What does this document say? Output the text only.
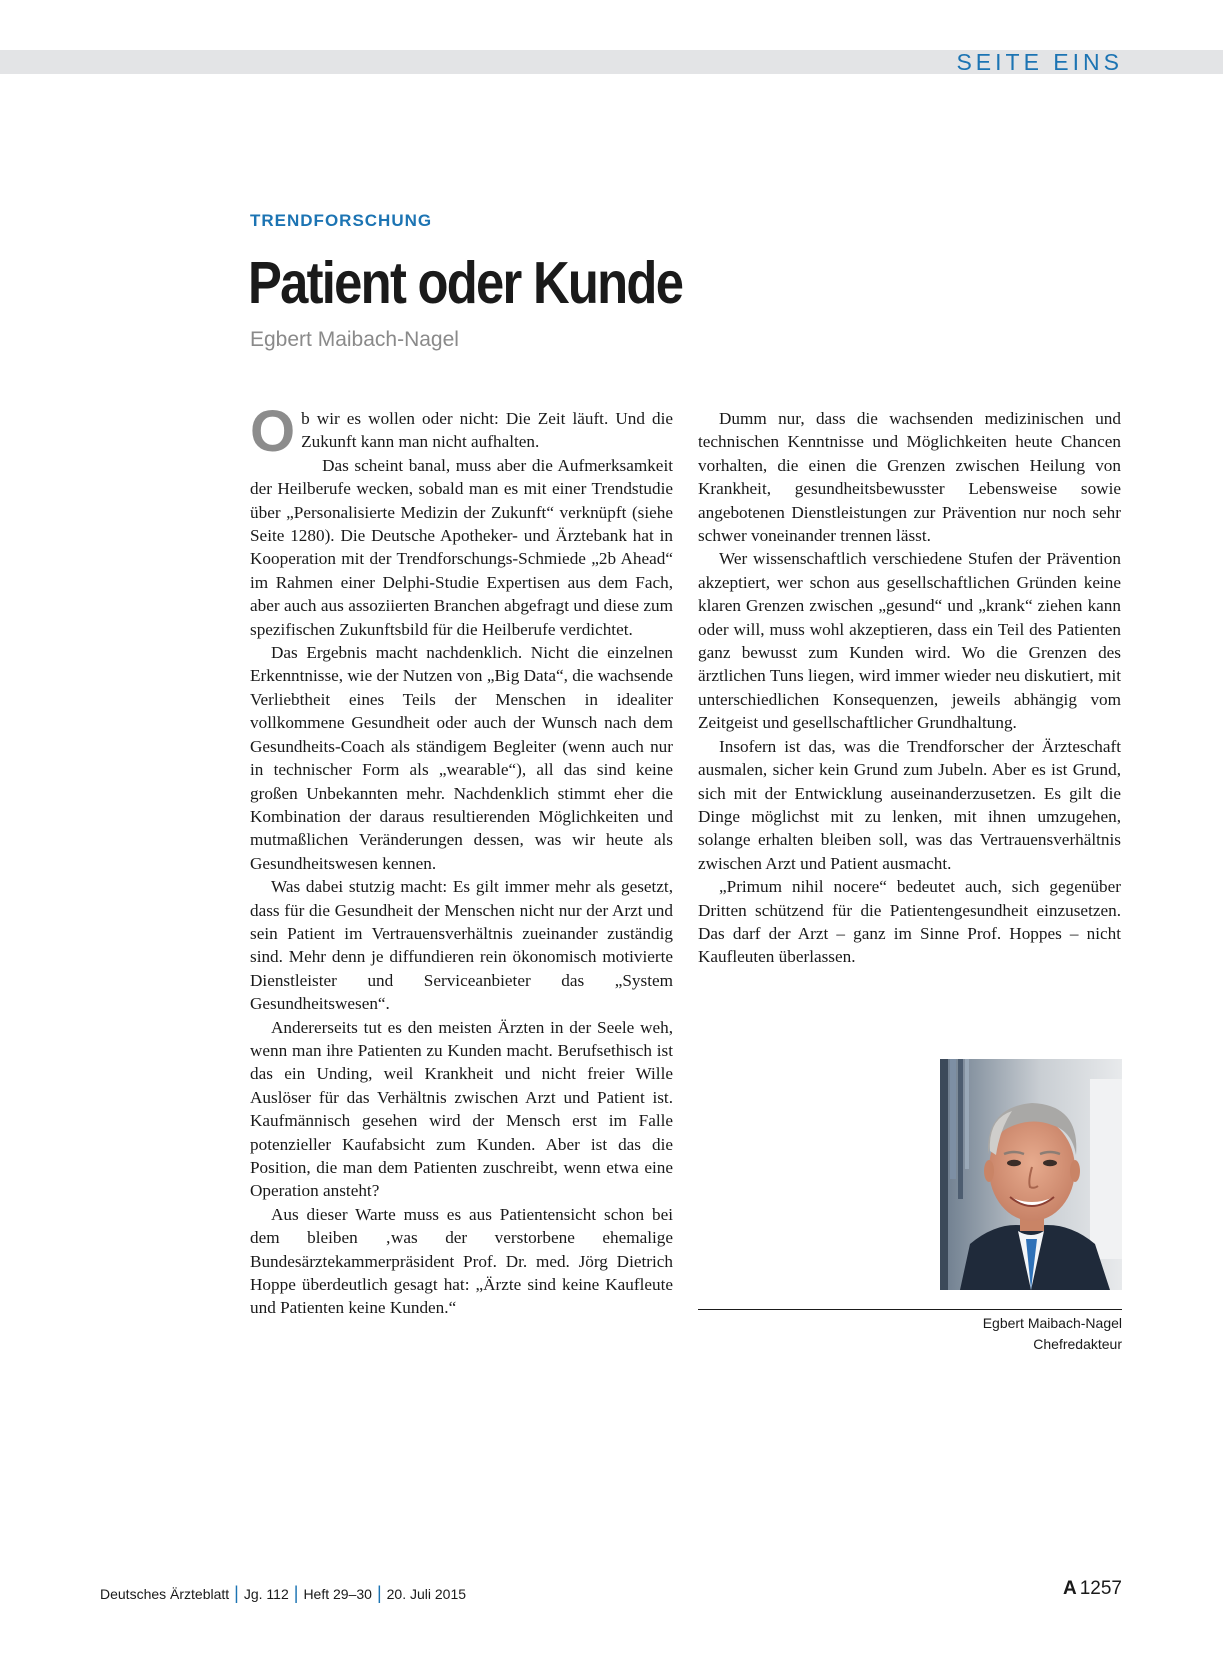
SEITE EINS
TRENDFORSCHUNG
Patient oder Kunde
Egbert Maibach-Nagel

Ob wir es wollen oder nicht: Die Zeit läuft. Und die Zukunft kann man nicht aufhalten.

Das scheint banal, muss aber die Aufmerksamkeit der Heilberufe wecken, sobald man es mit einer Trendstudie über „Personalisierte Medizin der Zukunft“ verknüpft (siehe Seite 1280). Die Deutsche Apotheker- und Ärztebank hat in Kooperation mit der Trendforschungs-Schmiede „2b Ahead“ im Rahmen einer Delphi-Studie Expertisen aus dem Fach, aber auch aus assoziierten Branchen abgefragt und diese zum spezifischen Zukunftsbild für die Heilberufe verdichtet.

Das Ergebnis macht nachdenklich. Nicht die einzelnen Erkenntnisse, wie der Nutzen von „Big Data“, die wachsende Verliebtheit eines Teils der Menschen in idealiter vollkommene Gesundheit oder auch der Wunsch nach dem Gesundheits-Coach als ständigem Begleiter (wenn auch nur in technischer Form als „wearable“), all das sind keine großen Unbekannten mehr. Nachdenklich stimmt eher die Kombination der daraus resultierenden Möglichkeiten und mutmaßlichen Veränderungen dessen, was wir heute als Gesundheitswesen kennen.

Was dabei stutzig macht: Es gilt immer mehr als gesetzt, dass für die Gesundheit der Menschen nicht nur der Arzt und sein Patient im Vertrauensverhältnis zueinander zuständig sind. Mehr denn je diffundieren rein ökonomisch motivierte Dienstleister und Serviceanbieter das „System Gesundheitswesen“.

Andererseits tut es den meisten Ärzten in der Seele weh, wenn man ihre Patienten zu Kunden macht. Berufsethisch ist das ein Unding, weil Krankheit und nicht freier Wille Auslöser für das Verhältnis zwischen Arzt und Patient ist. Kaufmännisch gesehen wird der Mensch erst im Falle potenzieller Kaufabsicht zum Kunden. Aber ist das die Position, die man dem Patienten zuschreibt, wenn etwa eine Operation ansteht?

Aus dieser Warte muss es aus Patientensicht schon bei dem bleiben ‚was der verstorbene ehemalige Bundesärztekammerpräsident Prof. Dr. med. Jörg Dietrich Hoppe überdeutlich gesagt hat: „Ärzte sind keine Kaufleute und Patienten keine Kunden.“

Dumm nur, dass die wachsenden medizinischen und technischen Kenntnisse und Möglichkeiten heute Chancen vorhalten, die einen die Grenzen zwischen Heilung von Krankheit, gesundheitsbewusster Lebensweise sowie angebotenen Dienstleistungen zur Prävention nur noch sehr schwer voneinander trennen lässt.

Wer wissenschaftlich verschiedene Stufen der Prävention akzeptiert, wer schon aus gesellschaftlichen Gründen keine klaren Grenzen zwischen „gesund“ und „krank“ ziehen kann oder will, muss wohl akzeptieren, dass ein Teil des Patienten ganz bewusst zum Kunden wird. Wo die Grenzen des ärztlichen Tuns liegen, wird immer wieder neu diskutiert, mit unterschiedlichen Konsequenzen, jeweils abhängig vom Zeitgeist und gesellschaftlicher Grundhaltung.

Insofern ist das, was die Trendforscher der Ärzteschaft ausmalen, sicher kein Grund zum Jubeln. Aber es ist Grund, sich mit der Entwicklung auseinanderzusetzen. Es gilt die Dinge möglichst mit zu lenken, mit ihnen umzugehen, solange erhalten bleiben soll, was das Vertrauensverhältnis zwischen Arzt und Patient ausmacht.

„Primum nihil nocere“ bedeutet auch, sich gegenüber Dritten schützend für die Patientengesundheit einzusetzen. Das darf der Arzt – ganz im Sinne Prof. Hoppes – nicht Kaufleuten überlassen.

Egbert Maibach-Nagel
Chefredakteur
Deutsches Ärzteblatt | Jg. 112 | Heft 29–30 | 20. Juli 2015	A 1257
